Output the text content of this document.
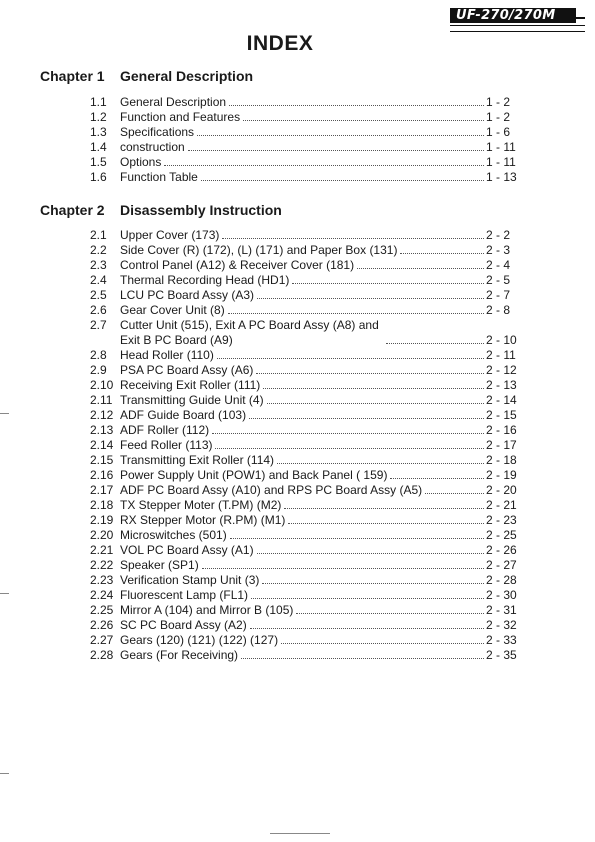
UF-270/270M
INDEX
Chapter 1 General Description
1.1	General Description	1 - 2
1.2	Function and Features	1 - 2
1.3	Specifications	1 - 6
1.4	construction	1 - 11
1.5	Options	1 - 11
1.6	Function Table	1 - 13
Chapter 2 Disassembly Instruction
2.1	Upper Cover (173)	2 - 2
2.2	Side Cover (R) (172), (L) (171) and Paper Box (131)	2 - 3
2.3	Control Panel (A12) & Receiver Cover (181)	2 - 4
2.4	Thermal Recording Head (HD1)	2 - 5
2.5	LCU PC Board Assy (A3)	2 - 7
2.6	Gear Cover Unit (8)	2 - 8
2.7	Cutter Unit (515), Exit A PC Board Assy (A8) and
Exit B PC Board (A9)	2 - 10
2.8	Head Roller (110)	2 - 11
2.9	PSA PC Board Assy (A6)	2 - 12
2.10 Receiving Exit Roller (111)	2 - 13
2.11 Transmitting Guide Unit (4)	2 - 14
2.12 ADF Guide Board (103)	2 - 15
2.13 ADF Roller (112)	2 - 16
2.14 Feed Roller (113)	2 - 17
2.15 Transmitting Exit Roller (114)	2 - 18
2.16 Power Supply Unit (POW1) and Back Panel ( 159)	2 - 19
2.17 ADF PC Board Assy (A10) and RPS PC Board Assy (A5)	2 - 20
2.18 TX Stepper Moter (T.PM) (M2)	2 - 21
2.19 RX Stepper Motor (R.PM) (M1)	2 - 23
2.20 Microswitches (501)	2 - 25
2.21 VOL PC Board Assy (A1)	2 - 26
2.22 Speaker (SP1)	2 - 27
2.23 Verification Stamp Unit (3)	2 - 28
2.24 Fluorescent Lamp (FL1)	2 - 30
2.25 Mirror A (104) and Mirror B (105)	2 - 31
2.26 SC PC Board Assy (A2)	2 - 32
2.27 Gears (120) (121) (122) (127)	2 - 33
2.28 Gears (For Receiving)	2 - 35
